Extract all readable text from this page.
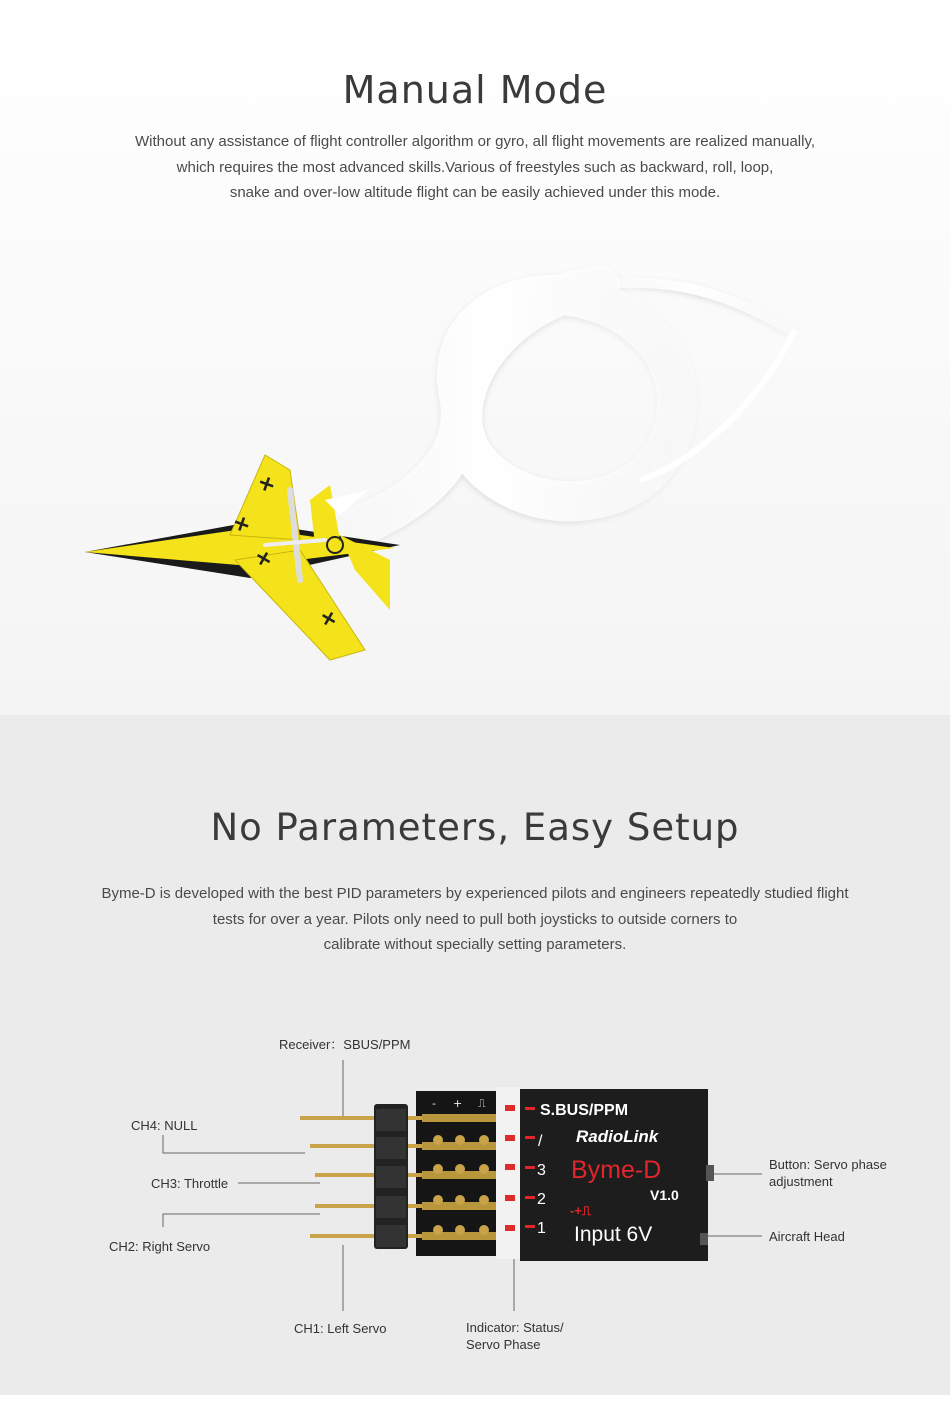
Manual Mode

Without any assistance of flight controller algorithm or gyro, all flight movements are realized manually,
which requires the most advanced skills.Various of freestyles such as backward, roll, loop,
snake and over-low altitude flight can be easily achieved under this mode.

+
+
+
+
No Parameters, Easy Setup

Byme-D is developed with the best PID parameters by experienced pilots and engineers repeatedly studied flight
tests for over a year. Pilots only need to pull both joysticks to outside corners to
calibrate without specially setting parameters.

- + ⎍	S.BUS/PPM
/
3
2
1
RadioLink
Byme-D
V1.0
-+⎍
Input 6V
Receiver：SBUS/PPM
CH4: NULL
CH3: Throttle
CH2: Right Servo
CH1: Left Servo	Indicator: Status/
Servo Phase
Button: Servo phase
adjustment
Aircraft Head
